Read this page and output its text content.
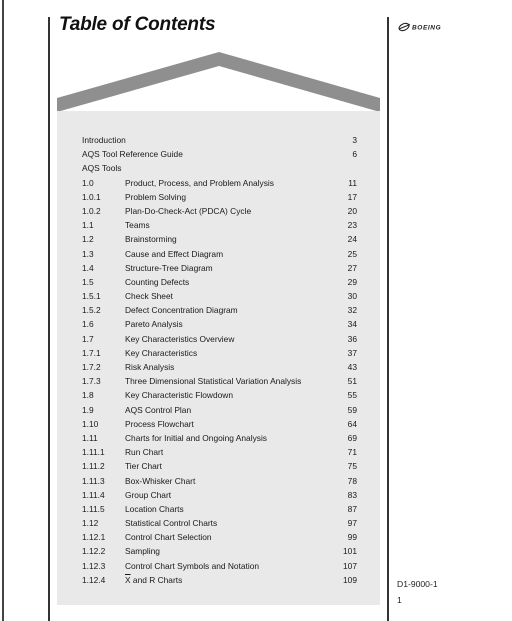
Table of Contents	BOEING
Introduction	3
AQS Tool Reference Guide	6
AQS Tools
1.0	Product, Process, and Problem Analysis	11
1.0.1	Problem Solving	17
1.0.2	Plan-Do-Check-Act (PDCA) Cycle	20
1.1	Teams	23
1.2	Brainstorming	24
1.3	Cause and Effect Diagram	25
1.4	Structure-Tree Diagram	27
1.5	Counting Defects	29
1.5.1	Check Sheet	30
1.5.2	Defect Concentration Diagram	32
1.6	Pareto Analysis	34
1.7	Key Characteristics Overview	36
1.7.1	Key Characteristics	37
1.7.2	Risk Analysis	43
1.7.3	Three Dimensional Statistical Variation Analysis	51
1.8	Key Characteristic Flowdown	55
1.9	AQS Control Plan	59
1.10	Process Flowchart	64
1.11	Charts for Initial and Ongoing Analysis	69
1.11.1 Run Chart	71
1.11.2 Tier Chart	75
1.11.3 Box-Whisker Chart	78
1.11.4 Group Chart	83
1.11.5 Location Charts	87
1.12	Statistical Control Charts	97
1.12.1 Control Chart Selection	99
1.12.2 Sampling	101
1.12.3 Control Chart Symbols and Notation	107
1.12.4 $\overline{X}$ and R Charts	109	D1-9000-1
1
